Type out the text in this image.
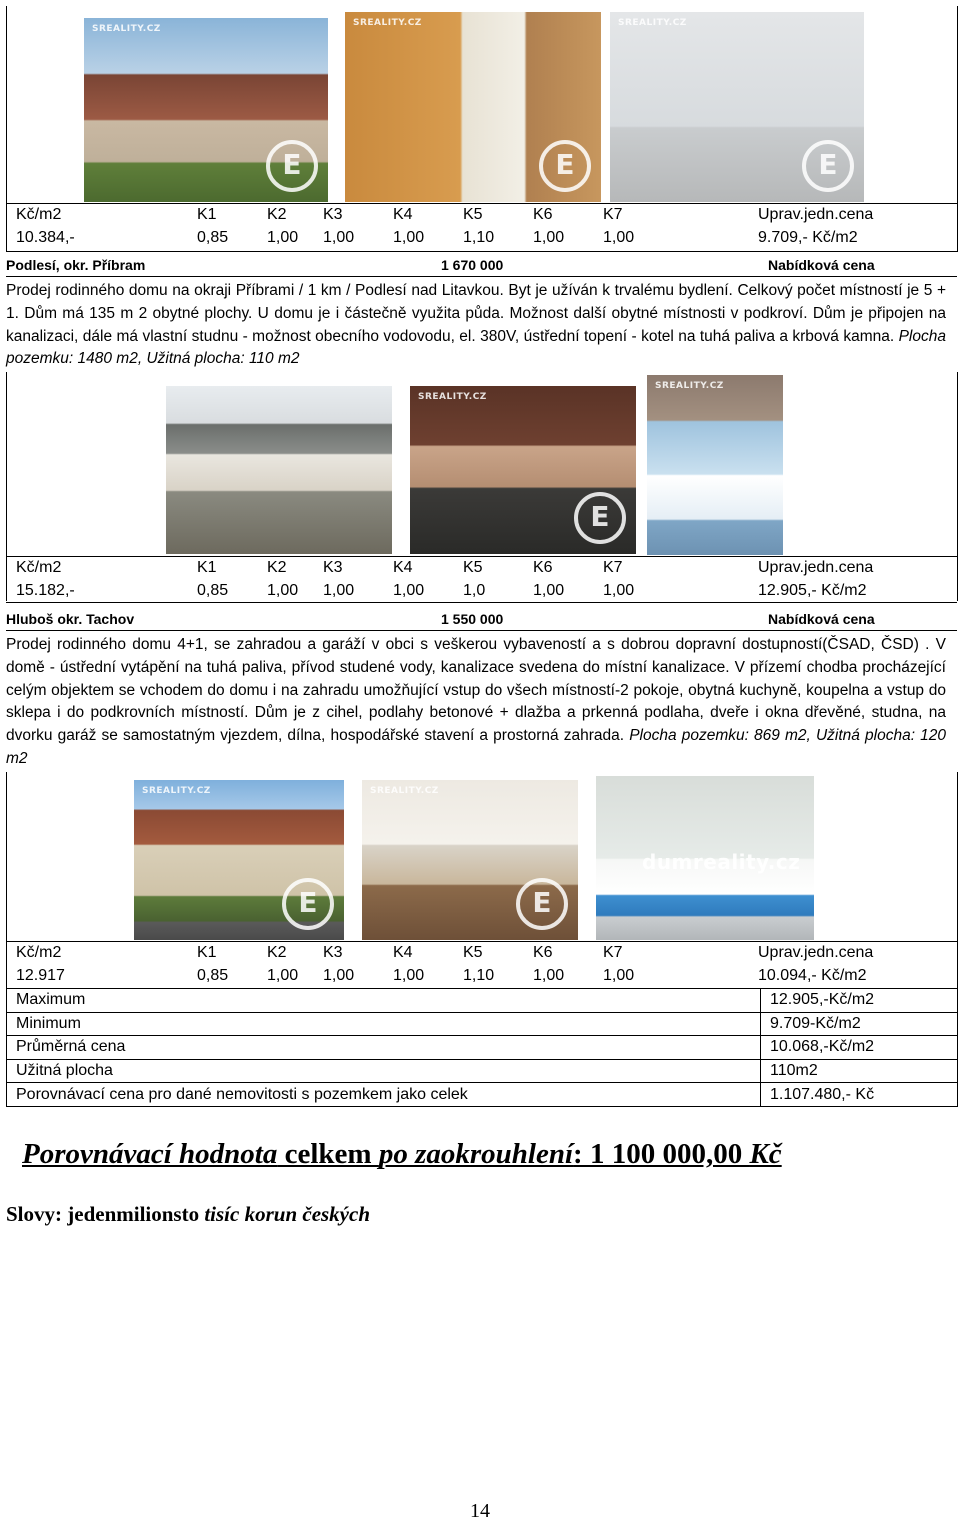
SREALITY.CZ
E
SREALITY.CZ
E	SREALITY.CZ
E
Kč/m2	K1	K2 K3	K4	K5	K6	K7	Uprav.jedn.cena
10.384,-	0,85 1,00 1,00 1,00 1,10 1,00 1,00	9.709,- Kč/m2
Podlesí, okr. Příbram	1 670 000	Nabídková cena
Prodej rodinného domu na okraji Příbrami / 1 km / Podlesí nad Litavkou. Byt je užíván k trvalému bydlení. Celkový počet místností je 5 + 1. Dům má 135 m 2 obytné plochy. U domu je i částečně využita půda. Možnost další obytné místnosti v podkroví. Dům je připojen na kanalizaci, dále má vlastní studnu - možnost obecního vodovodu, el. 380V, ústřední topení - kotel na tuhá paliva a krbová kamna. Plocha pozemku: 1480 m2, Užitná plocha: 110 m2
SREALITY.CZ
E
SREALITY.CZ
Kč/m2	K1	K2 K3	K4	K5	K6	K7	Uprav.jedn.cena
15.182,-	0,85 1,00 1,00 1,00 1,0	1,00 1,00	12.905,- Kč/m2
Hluboš okr. Tachov	1 550 000	Nabídková cena
Prodej rodinného domu 4+1, se zahradou a garáží v obci s veškerou vybaveností a s dobrou dopravní dostupností(ČSAD, ČSD) . V domě - ústřední vytápění na tuhá paliva, přívod studené vody, kanalizace svedena do místní kanalizace. V přízemí chodba procházející celým objektem se vchodem do domu i na zahradu umožňující vstup do všech místností-2 pokoje, obytná kuchyně, koupelna a vstup do sklepa i do podkrovních místností. Dům je z cihel, podlahy betonové + dlažba a prkenná podlaha, dveře i okna dřevěné, studna, na dvorku garáž se samostatným vjezdem, dílna, hospodářské stavení a prostorná zahrada. Plocha pozemku: 869 m2, Užitná plocha: 120 m2
SREALITY.CZ
E	SREALITY.CZ
E
dumreality.cz
Kč/m2	K1	K2 K3	K4	K5	K6	K7	Uprav.jedn.cena
12.917	0,85 1,00 1,00 1,00 1,10 1,00 1,00	10.094,- Kč/m2
Maximum	12.905,-Kč/m2
Minimum	9.709-Kč/m2
Průměrná cena	10.068,-Kč/m2
Užitná plocha	110m2
Porovnávací cena pro dané nemovitosti s pozemkem jako celek	1.107.480,- Kč
Porovnávací hodnota celkem po zaokrouhlení: 1 100 000,00 Kč
Slovy: jedenmilionsto tisíc korun českých
14
